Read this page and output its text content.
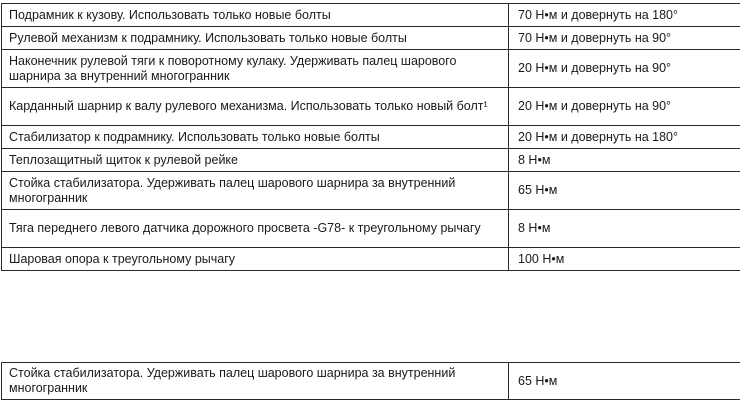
Подрамник к кузову. Использовать только новые болты	70 Н•м и довернуть на 180°
Рулевой механизм к подрамнику. Использовать только новые болты	70 Н•м и довернуть на 90°
Наконечник рулевой тяги к поворотному кулаку. Удерживать палец шарового шарнира за внутренний многогранник	20 Н•м и довернуть на 90°
Карданный шарнир к валу рулевого механизма. Использовать только новый болт¹	20 Н•м и довернуть на 90°
Стабилизатор к подрамнику. Использовать только новые болты	20 Н•м и довернуть на 180°
Теплозащитный щиток к рулевой рейке	8 Н•м
Стойка стабилизатора. Удерживать палец шарового шарнира за внутренний многогранник	65 Н•м
Тяга переднего левого датчика дорожного просвета -G78- к треугольному рычагу	8 Н•м
Шаровая опора к треугольному рычагу	100 Н•м
Стойка стабилизатора. Удерживать палец шарового шарнира за внутренний многогранник	65 Н•м
